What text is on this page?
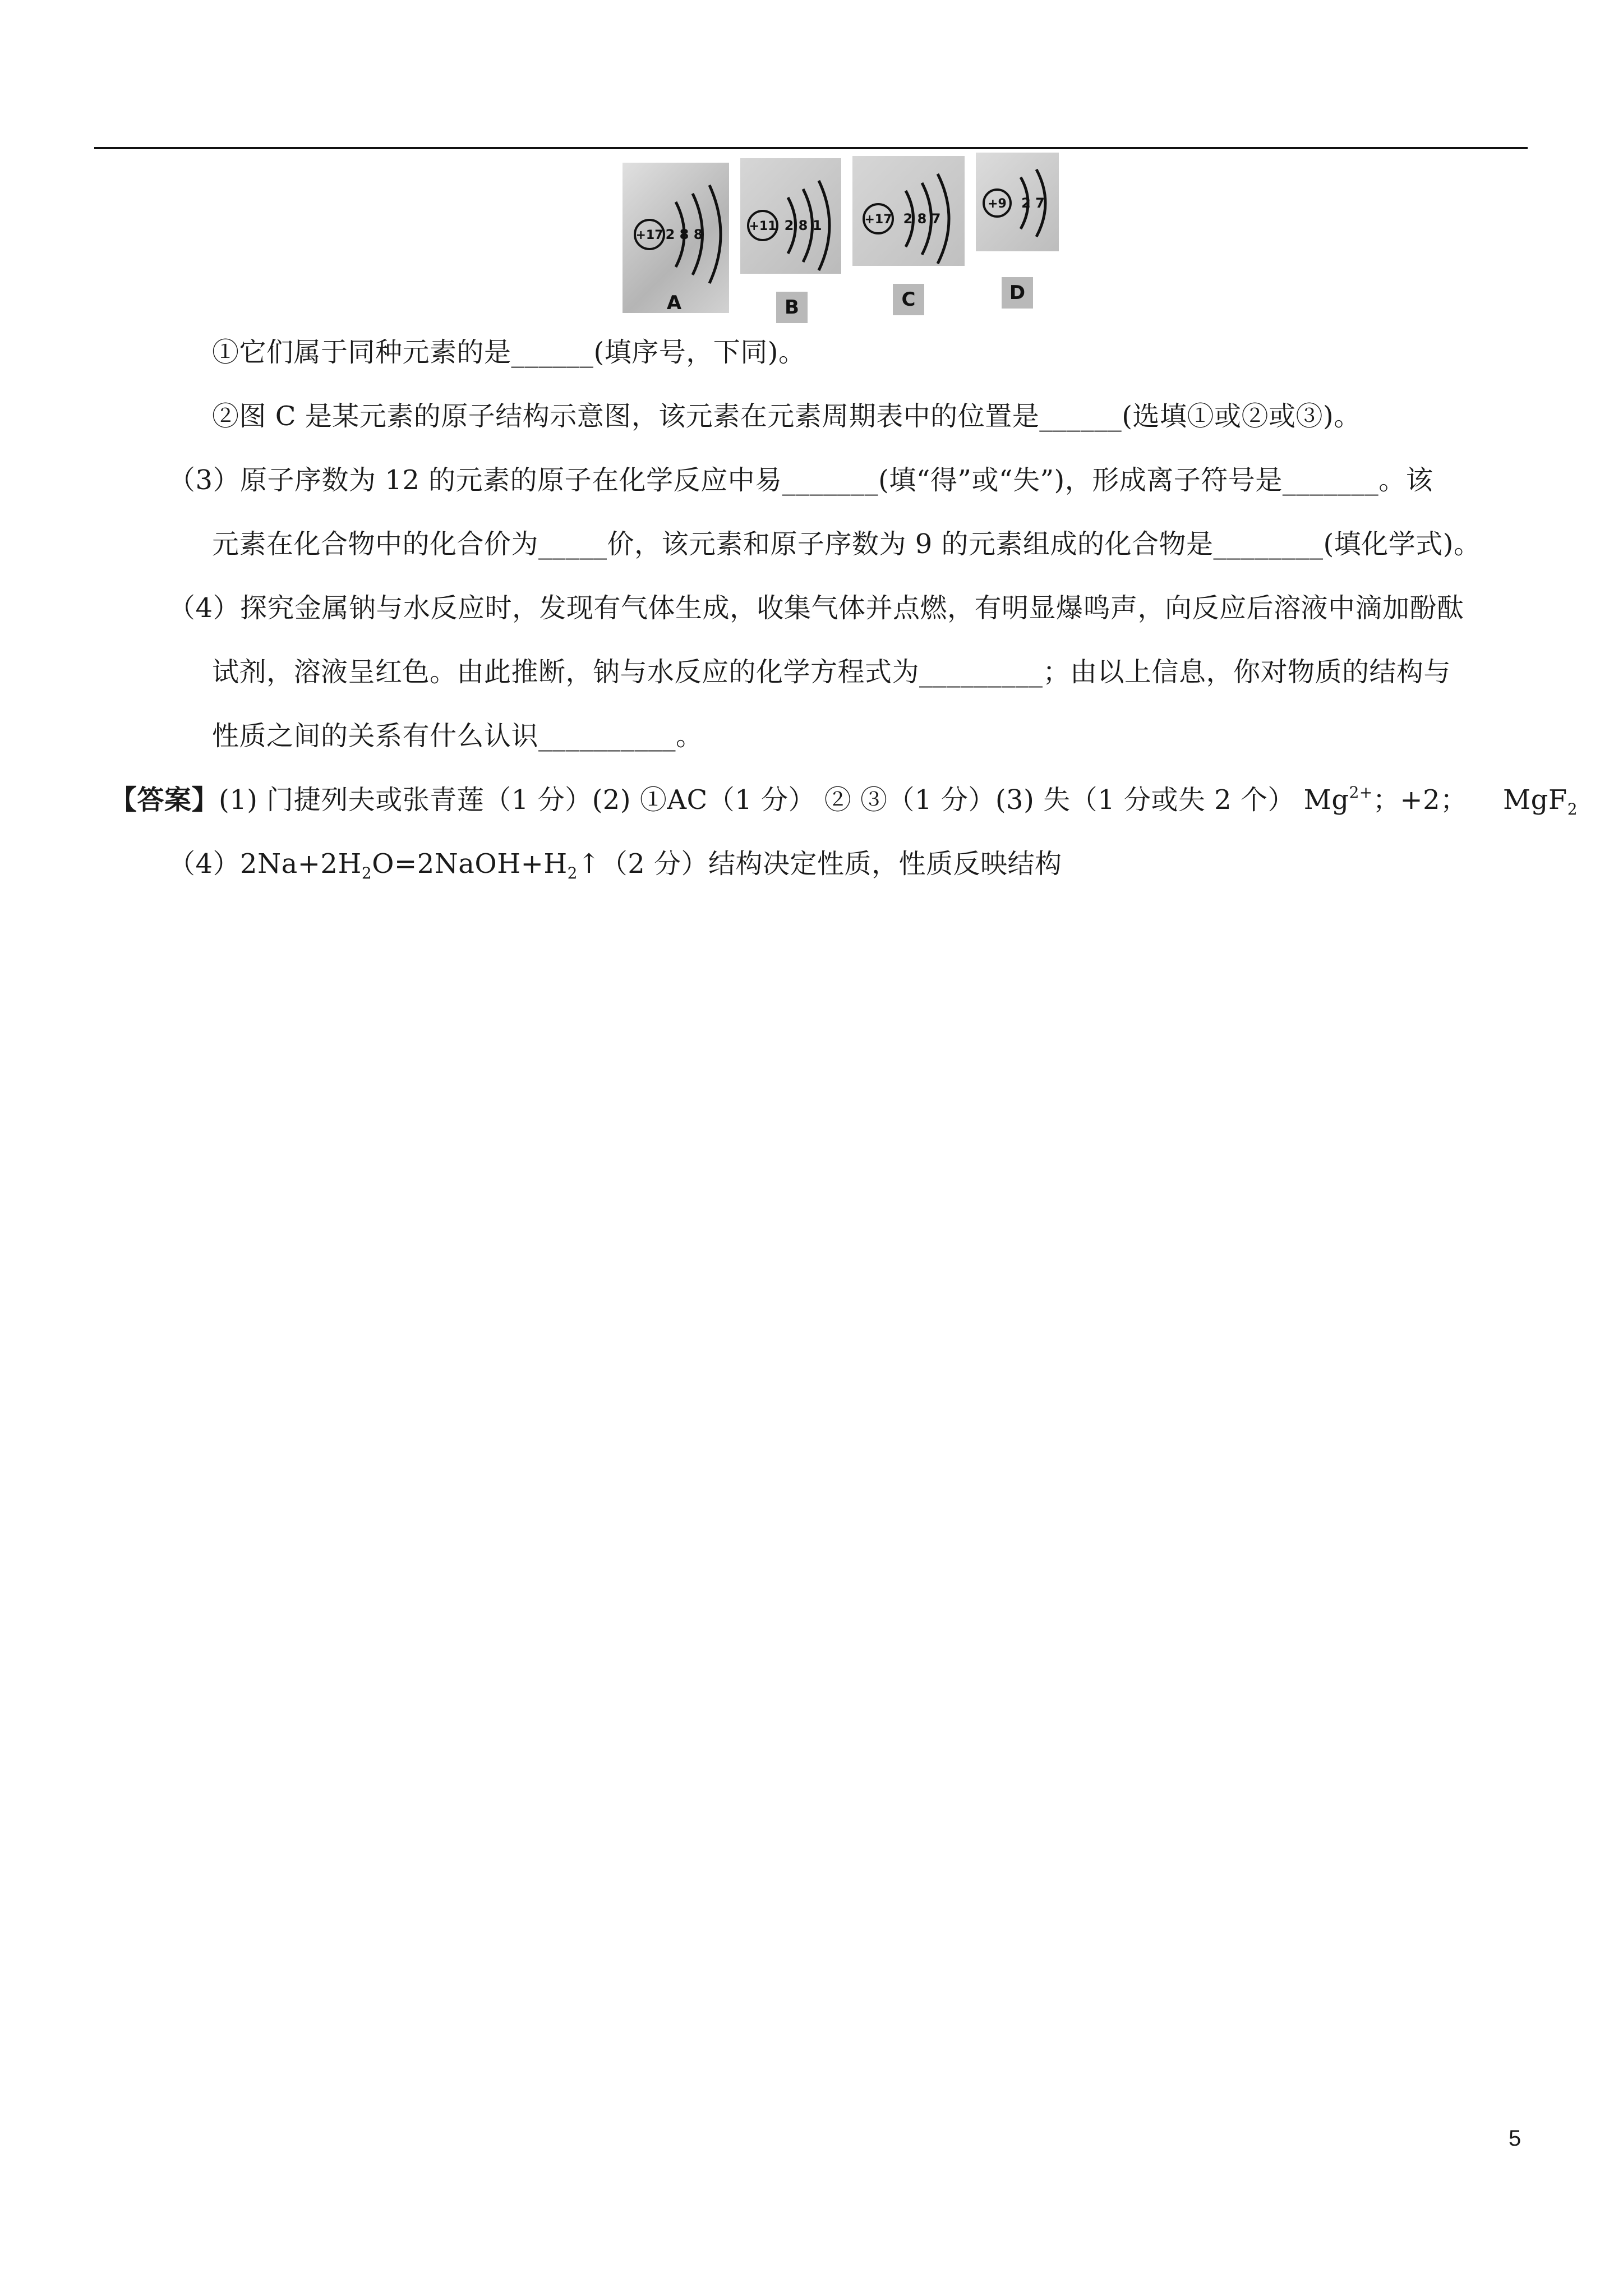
+17 2 8 8
A
+11 2 8 1
B
+17 2 8 7
C
+9 2 7
D
①它们属于同种元素的是______(填序号，下同)。
②图 C 是某元素的原子结构示意图，该元素在元素周期表中的位置是______(选填①或②或③)。
（3）原子序数为 12 的元素的原子在化学反应中易_______(填“得”或“失”)，形成离子符号是_______。该
元素在化合物中的化合价为_____价，该元素和原子序数为 9 的元素组成的化合物是________(填化学式)。
（4）探究金属钠与水反应时，发现有气体生成，收集气体并点燃，有明显爆鸣声，向反应后溶液中滴加酚酞
试剂，溶液呈红色。由此推断，钠与水反应的化学方程式为_________；由以上信息，你对物质的结构与
性质之间的关系有什么认识__________。
【答案】(1) 门捷列夫或张青莲（1 分）(2) ①AC（1 分） ② ③（1 分）(3) 失（1 分或失 2 个） $Mg^{2+}$；+2； MgF$_2$
$(4)2Na+2H_2O=2NaOH+H_2↑(2$ 分）结构决定性质，性质反映结构
5
